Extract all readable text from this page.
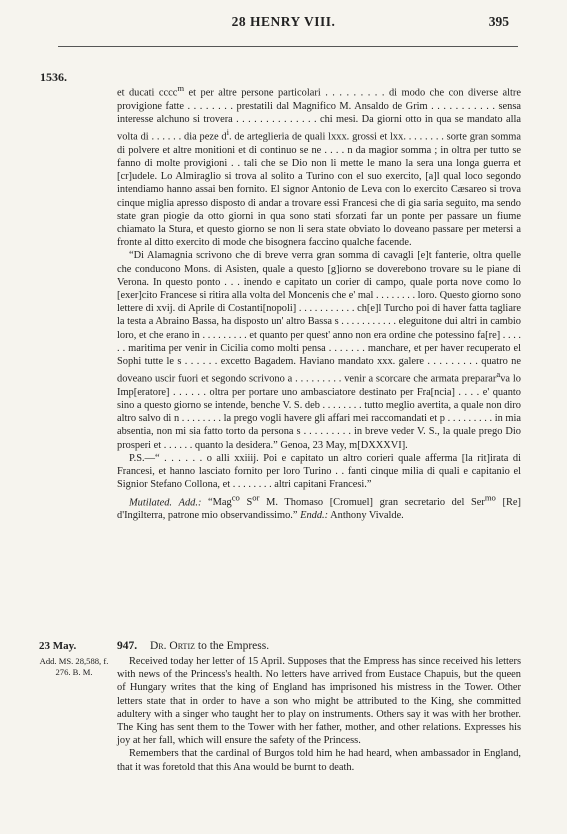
28 HENRY VIII.	395
1536.

et ducati cccc$^m$ et per altre persone particolari . . . . . . . . . di modo che con diverse altre provigione fatte . . . . . . . . prestatili dal Magnifico M. Ansaldo de Grim . . . . . . . . . . . sensa interesse alchuno si trovera . . . . . . . . . . . . . . chi mesi. Da giorni otto in qua se mandato alla volta di . . . . . . dia peze $d^i$. de arteglieria de quali lxxx. grossi et lxx. . . . . . . . sorte gran somma di polvere et altre monitioni et di continuo se ne . . . . n da magior somma ; in oltra per tutto se fanno di molte provigioni . . tali che se Dio non li mette le mano la sera una longa guerra et [cr]udele. Lo Almiraglio si trova al solito a Turino con el suo exercito, [a]l qual loco segondo intendiamo hanno assai ben fornito. El signor Antonio de Leva con lo exercito Cæsareo si trova cinque miglia apresso disposto di andar a trovare essi Francesi che di gia saria seguito, ma sendo state gran piogie da otto giorni in qua sono stati sforzati far un ponte per passare un fiume chiamato la Stura, et questo giorno se non li sera state obviato lo doveano passare per metersi a fronte al ditto exercito di mode che bisognera faccino qualche facende.

“Di Alamagnia scrivono che di breve verra gran somma di cavagli [e]t fanterie, oltra quelle che conducono Mons. di Asisten, quale a questo [g]iorno se doverebono trovare su le piane di Verona. In questo ponto . . . inendo e capitato un corier di campo, quale porta nove como lo [exer]cito Francese si ritira alla volta del Moncenis che e' mal . . . . . . . . loro. Questo giorno sono lettere di xvij. di Aprile di Costanti[nopoli] . . . . . . . . . . . ch[e]l Turcho poi di haver fatta tagliare la testa a Abraino Bassa, ha disposto un' altro Bassa s . . . . . . . . . . . eleguitone dui altri in cambio loro, et che erano in . . . . . . . . . et quanto per quest' anno non era ordine che potessino fa[re] . . . . . . maritima per venir in Cicilia como molti pensa . . . . . . . manchare, et per haver recuperato el Sophi tutte le s . . . . . . excetto Bagadem. Haviano mandato xxx. galere . . . . . . . . . quatro ne doveano uscir fuori et segondo scrivono a . . . . . . . . . venir a scorcare che armata preparar$^a$va lo Imp[eratore] . . . . . . oltra per portare uno ambasciatore destinato per Fra[ncia] . . . . e' quanto sino a questo giorno se intende, benche V. S. deb . . . . . . . . tutto meglio avertita, a quale non diro altro salvo di n . . . . . . . . la prego vogli havere gli affari mei raccomandati et p . . . . . . . . . in mia absentia, non mi sia fatto torto da persona s . . . . . . . . . in breve veder V. S., la quale prego Dio prosperi et . . . . . . quanto la desidera.” Genoa, 23 May, m[DXXXVI].

P.S.—“ . . . . . . o alli xxiiij. Poi e capitato un altro corieri quale afferma [la rit]irata di Francesi, et hanno lasciato fornito per loro Turino . . fanti cinque milia di quali e capitanio el Signior Stefano Collona, et . . . . . . . . altri capitani Francesi.”

Mutilated. Add.: “Mag$^{co}$ $S^{or}$ M. Thomaso [Cromuel] gran secretario del Ser$^{mo}$ [Re] d'Ingilterra, patrone mio observandissimo.” Endd.: Anthony Vivalde.

23 May.
Add. MS. 28,588, f. 276. B. M.
947. Dr. Ortiz to the Empress.

Received today her letter of 15 April. Supposes that the Empress has since received his letters with news of the Princess's health. No letters have arrived from Eustace Chapuis, but the queen of Hungary writes that the king of England has imprisoned his mistress in the Tower. Other letters state that in order to have a son who might be attributed to the King, she committed adultery with a singer who taught her to play on instruments. Others say it was with her brother. The King has sent them to the Tower with her father, mother, and other relations. Expresses his joy at her fall, which will ensure the safety of the Princess.

Remembers that the cardinal of Burgos told him he had heard, when ambassador in England, that it was foretold that this Ana would be burnt to death.
